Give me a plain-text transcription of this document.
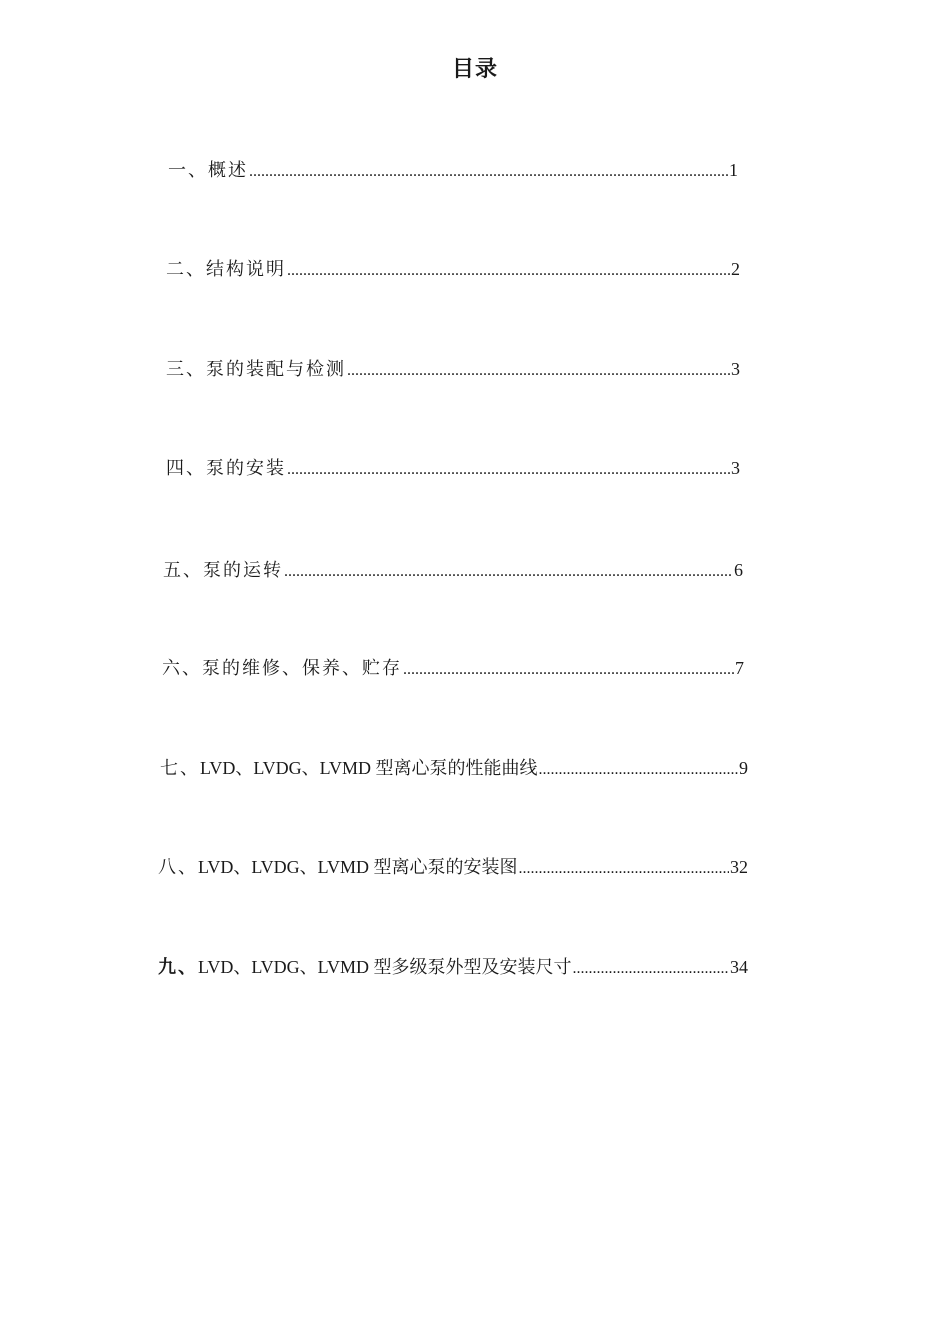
目录
一、概述 .....	1
二、结构说明 .....	2
三、泵的装配与检测 .....	3
四、泵的安装 .....	3
五、泵的运转 .....	6
六、泵的维修、保养、贮存 .....	7
七、LVD、LVDG、LVMD 型离心泵的性能曲线 .....	9
八、LVD、LVDG、LVMD 型离心泵的安装图 .....	32
九、LVD、LVDG、LVMD 型多级泵外型及安装尺寸 .....	34
